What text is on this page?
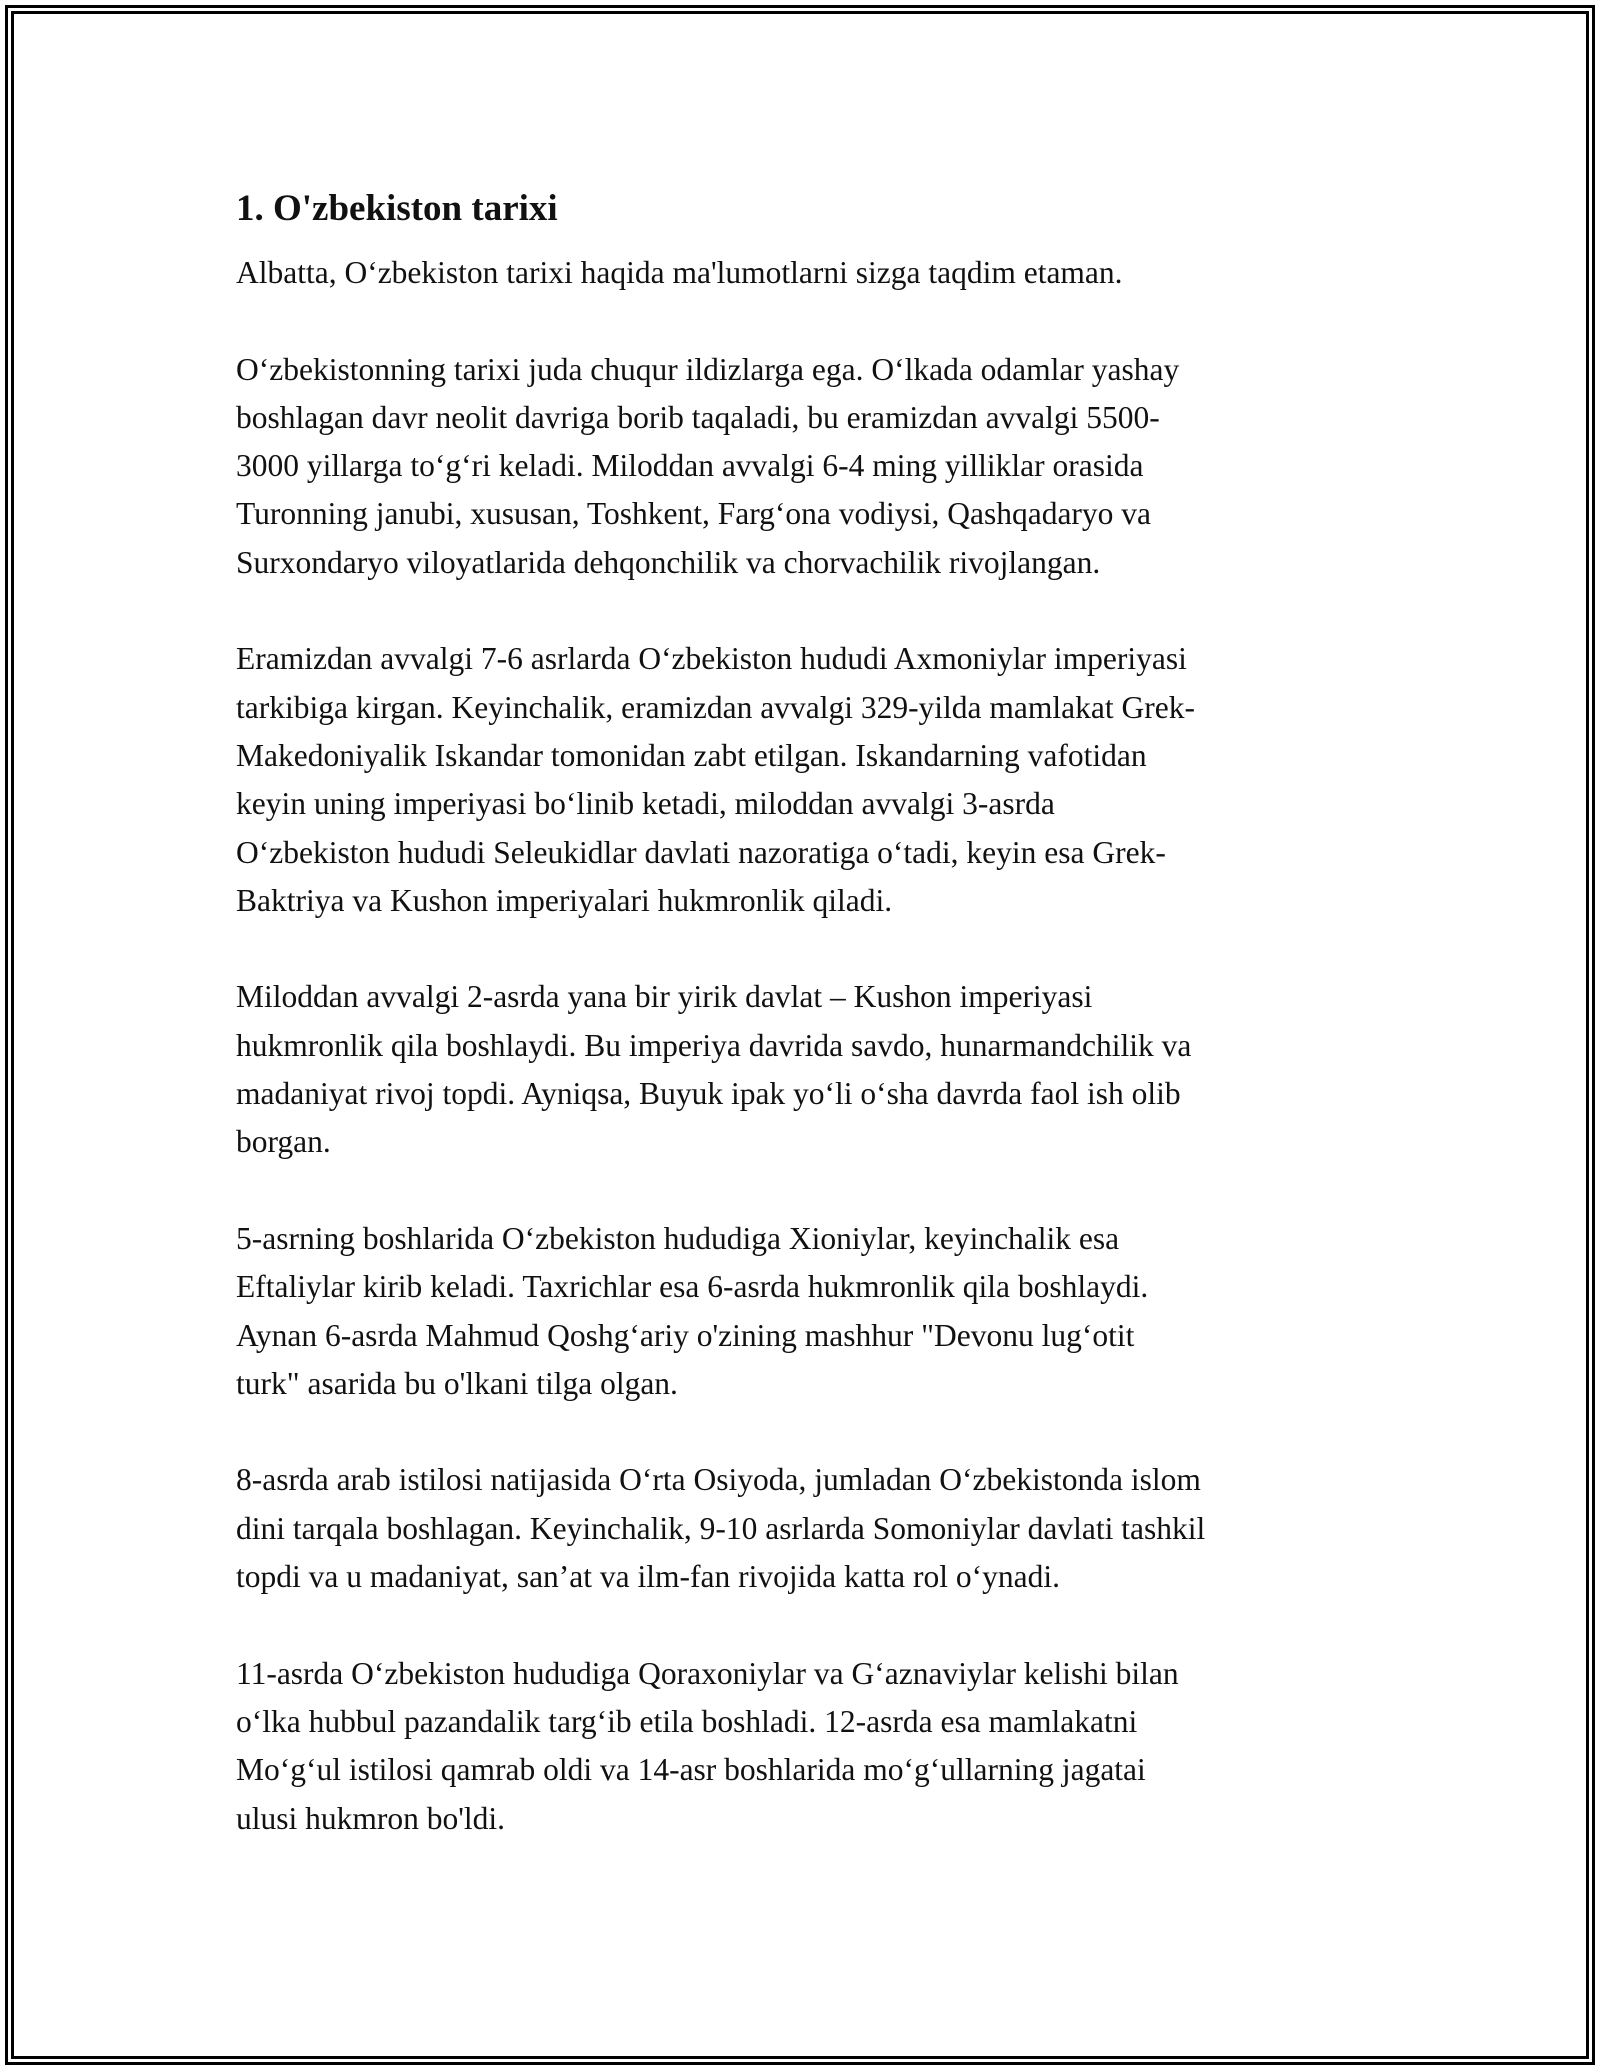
1. O'zbekiston tarixi

Albatta, O‘zbekiston tarixi haqida ma'lumotlarni sizga taqdim etaman.

O‘zbekistonning tarixi juda chuqur ildizlarga ega. O‘lkada odamlar yashay
boshlagan davr neolit davriga borib taqaladi, bu eramizdan avvalgi 5500-
3000 yillarga to‘g‘ri keladi. Miloddan avvalgi 6-4 ming yilliklar orasida
Turonning janubi, xususan, Toshkent, Farg‘ona vodiysi, Qashqadaryo va
Surxondaryo viloyatlarida dehqonchilik va chorvachilik rivojlangan.

Eramizdan avvalgi 7-6 asrlarda O‘zbekiston hududi Axmoniylar imperiyasi
tarkibiga kirgan. Keyinchalik, eramizdan avvalgi 329-yilda mamlakat Grek-
Makedoniyalik Iskandar tomonidan zabt etilgan. Iskandarning vafotidan
keyin uning imperiyasi bo‘linib ketadi, miloddan avvalgi 3-asrda
O‘zbekiston hududi Seleukidlar davlati nazoratiga o‘tadi, keyin esa Grek-
Baktriya va Kushon imperiyalari hukmronlik qiladi.

Miloddan avvalgi 2-asrda yana bir yirik davlat – Kushon imperiyasi
hukmronlik qila boshlaydi. Bu imperiya davrida savdo, hunarmandchilik va
madaniyat rivoj topdi. Ayniqsa, Buyuk ipak yo‘li o‘sha davrda faol ish olib
borgan.

5-asrning boshlarida O‘zbekiston hududiga Xioniylar, keyinchalik esa
Eftaliylar kirib keladi. Taxrichlar esa 6-asrda hukmronlik qila boshlaydi.
Aynan 6-asrda Mahmud Qoshg‘ariy o'zining mashhur "Devonu lug‘otit
turk" asarida bu o'lkani tilga olgan.

8-asrda arab istilosi natijasida O‘rta Osiyoda, jumladan O‘zbekistonda islom
dini tarqala boshlagan. Keyinchalik, 9-10 asrlarda Somoniylar davlati tashkil
topdi va u madaniyat, san’at va ilm-fan rivojida katta rol o‘ynadi.

11-asrda O‘zbekiston hududiga Qoraxoniylar va G‘aznaviylar kelishi bilan
o‘lka hubbul pazandalik targ‘ib etila boshladi. 12-asrda esa mamlakatni
Mo‘g‘ul istilosi qamrab oldi va 14-asr boshlarida mo‘g‘ullarning jagatai
ulusi hukmron bo'ldi.
